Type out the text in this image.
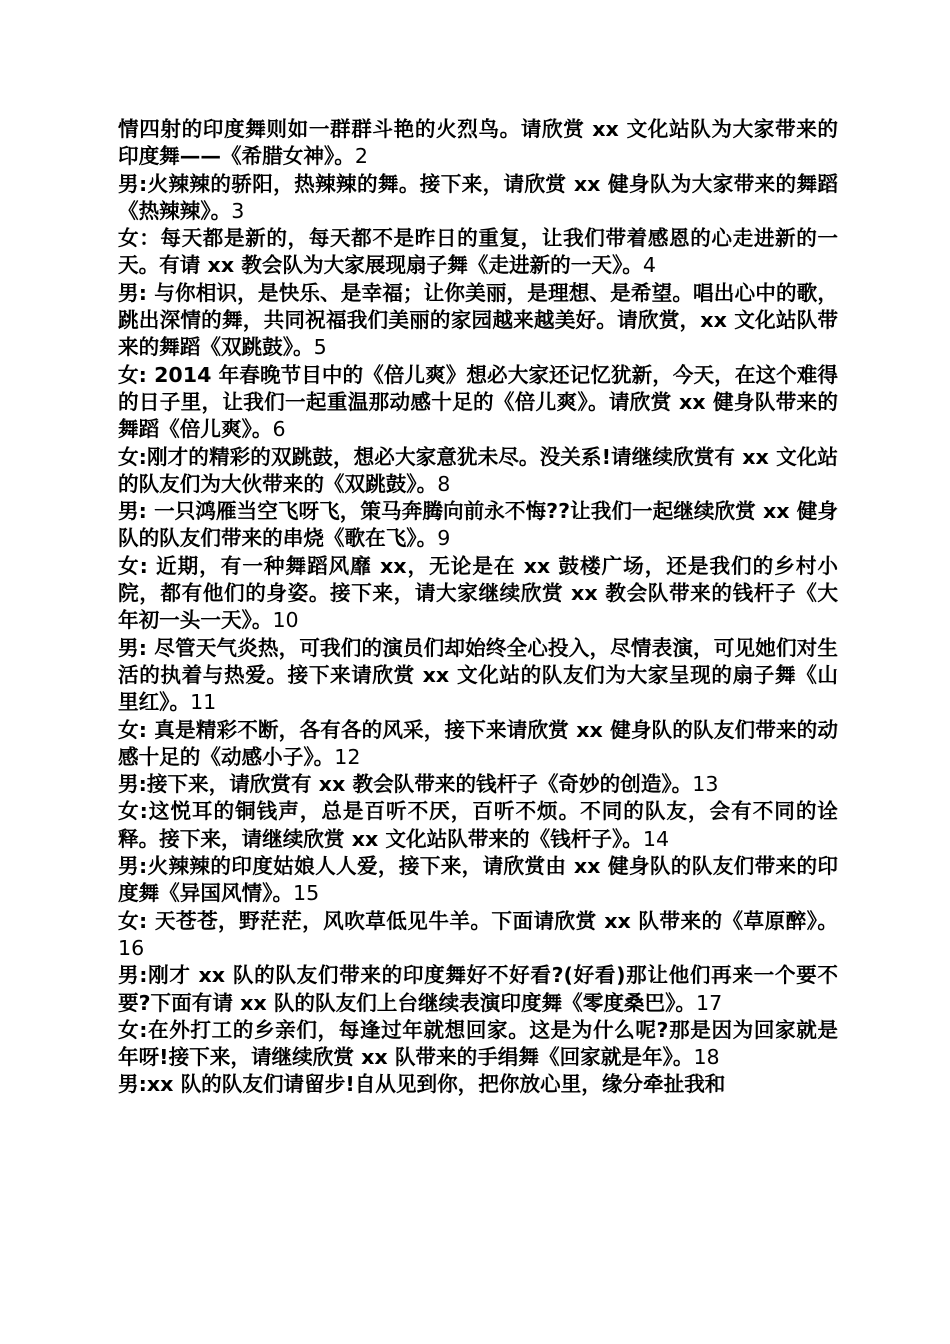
情四射的印度舞则如一群群斗艳的火烈鸟。请欣赏 xx 文化站队为大家带来的印度舞——《希腊女神》。2

男:火辣辣的骄阳，热辣辣的舞。接下来，请欣赏 xx 健身队为大家带来的舞蹈《热辣辣》。3

女：每天都是新的，每天都不是昨日的重复，让我们带着感恩的心走进新的一天。有请 xx 教会队为大家展现扇子舞《走进新的一天》。4

男: 与你相识，是快乐、是幸福；让你美丽，是理想、是希望。唱出心中的歌，跳出深情的舞，共同祝福我们美丽的家园越来越美好。请欣赏，xx 文化站队带来的舞蹈《双跳鼓》。5

女: 2014 年春晚节目中的《倍儿爽》想必大家还记忆犹新，今天，在这个难得的日子里，让我们一起重温那动感十足的《倍儿爽》。请欣赏 xx 健身队带来的舞蹈《倍儿爽》。6

女:刚才的精彩的双跳鼓，想必大家意犹未尽。没关系!请继续欣赏有 xx 文化站的队友们为大伙带来的《双跳鼓》。8

男: 一只鸿雁当空飞呀飞，策马奔腾向前永不悔??让我们一起继续欣赏 xx 健身队的队友们带来的串烧《歌在飞》。9

女: 近期，有一种舞蹈风靡 xx，无论是在 xx 鼓楼广场，还是我们的乡村小院，都有他们的身姿。接下来，请大家继续欣赏 xx 教会队带来的钱杆子《大年初一头一天》。10

男: 尽管天气炎热，可我们的演员们却始终全心投入，尽情表演，可见她们对生活的执着与热爱。接下来请欣赏 xx 文化站的队友们为大家呈现的扇子舞《山里红》。11

女: 真是精彩不断，各有各的风采，接下来请欣赏 xx 健身队的队友们带来的动感十足的《动感小子》。12

男:接下来，请欣赏有 xx 教会队带来的钱杆子《奇妙的创造》。13

女:这悦耳的铜钱声，总是百听不厌，百听不烦。不同的队友，会有不同的诠释。接下来，请继续欣赏 xx 文化站队带来的《钱杆子》。14

男:火辣辣的印度姑娘人人爱，接下来，请欣赏由 xx 健身队的队友们带来的印度舞《异国风情》。15

女: 天苍苍，野茫茫，风吹草低见牛羊。下面请欣赏 xx 队带来的《草原醉》。16

男:刚才 xx 队的队友们带来的印度舞好不好看?(好看)那让他们再来一个要不要?下面有请 xx 队的队友们上台继续表演印度舞《零度桑巴》。17

女:在外打工的乡亲们，每逢过年就想回家。这是为什么呢?那是因为回家就是年呀!接下来，请继续欣赏 xx 队带来的手绢舞《回家就是年》。18

男:xx 队的队友们请留步!自从见到你，把你放心里，缘分牵扯我和
